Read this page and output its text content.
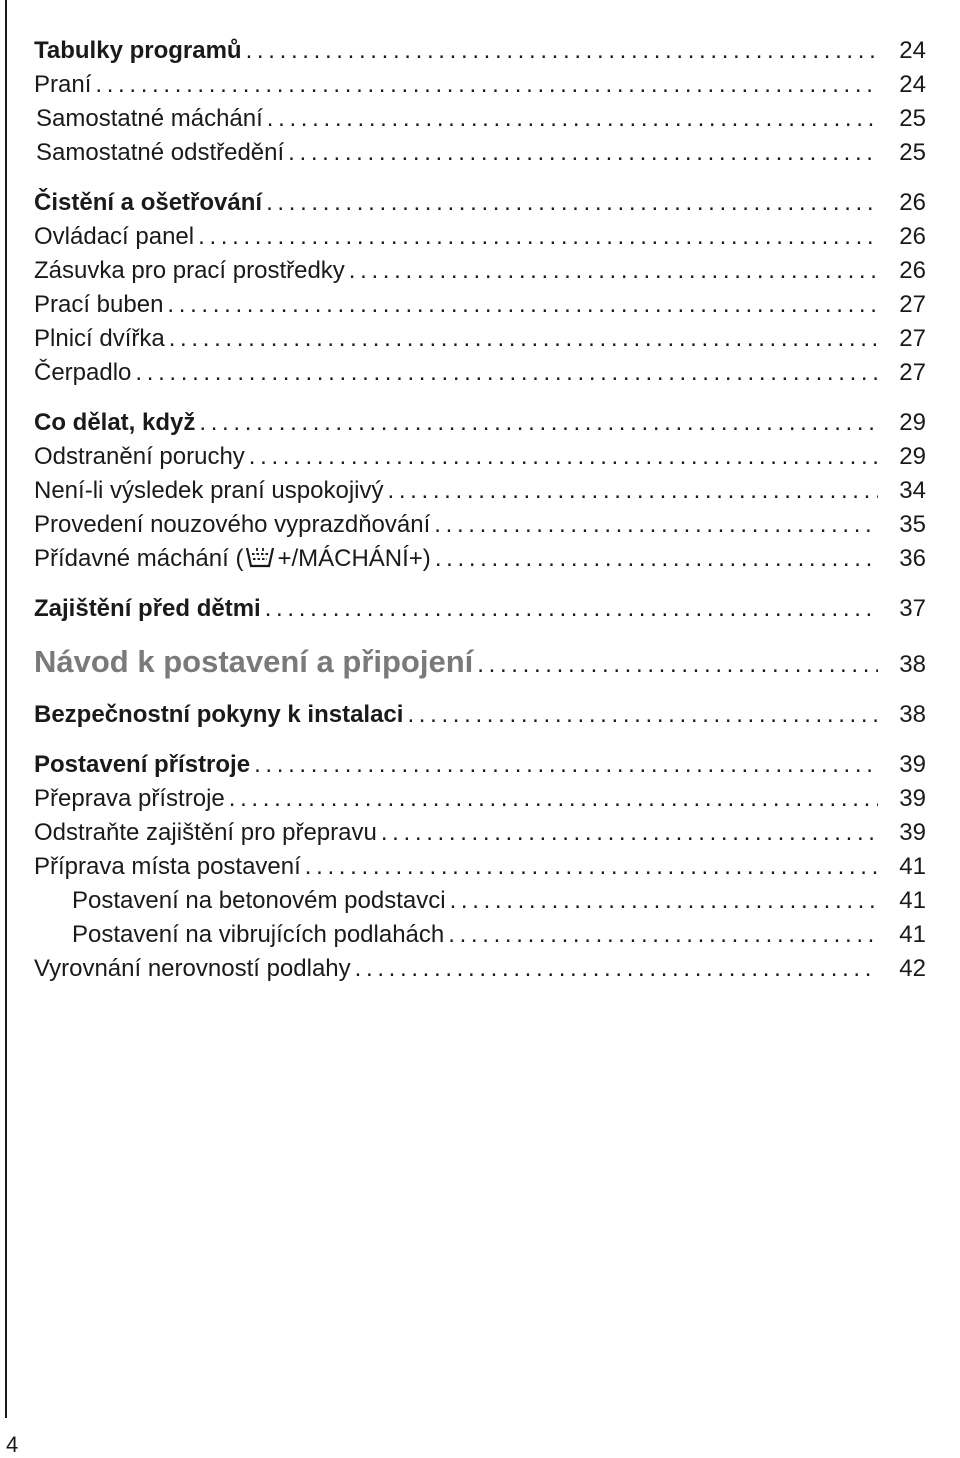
Tabulky programů . . .	24
Praní . . .	24
Samostatné máchání . . .	25
Samostatné odstředění . . .	25
Čistění a ošetřování . . .	26
Ovládací panel . . .	26
Zásuvka pro prací prostředky . . .	26
Prací buben . . .	27
Plnicí dvířka . . .	27
Čerpadlo . . .	27
Co dělat, když . . .	29
Odstranění poruchy . . .	29
Není-li výsledek praní uspokojivý . . .	34
Provedení nouzového vyprazdňování . . .	35
Přídavné máchání ( +/MÁCHÁNÍ+) . . .	36
Zajištění před dětmi . . .	37
Návod k postavení a připojení . . .	38
Bezpečnostní pokyny k instalaci . . .	38
Postavení přístroje . . .	39
Přeprava přístroje . . .	39
Odstraňte zajištění pro přepravu . . .	39
Příprava místa postavení . . .	41
Postavení na betonovém podstavci . . .	41
Postavení na vibrujících podlahách . . .	41
Vyrovnání nerovností podlahy . . .	42
4
